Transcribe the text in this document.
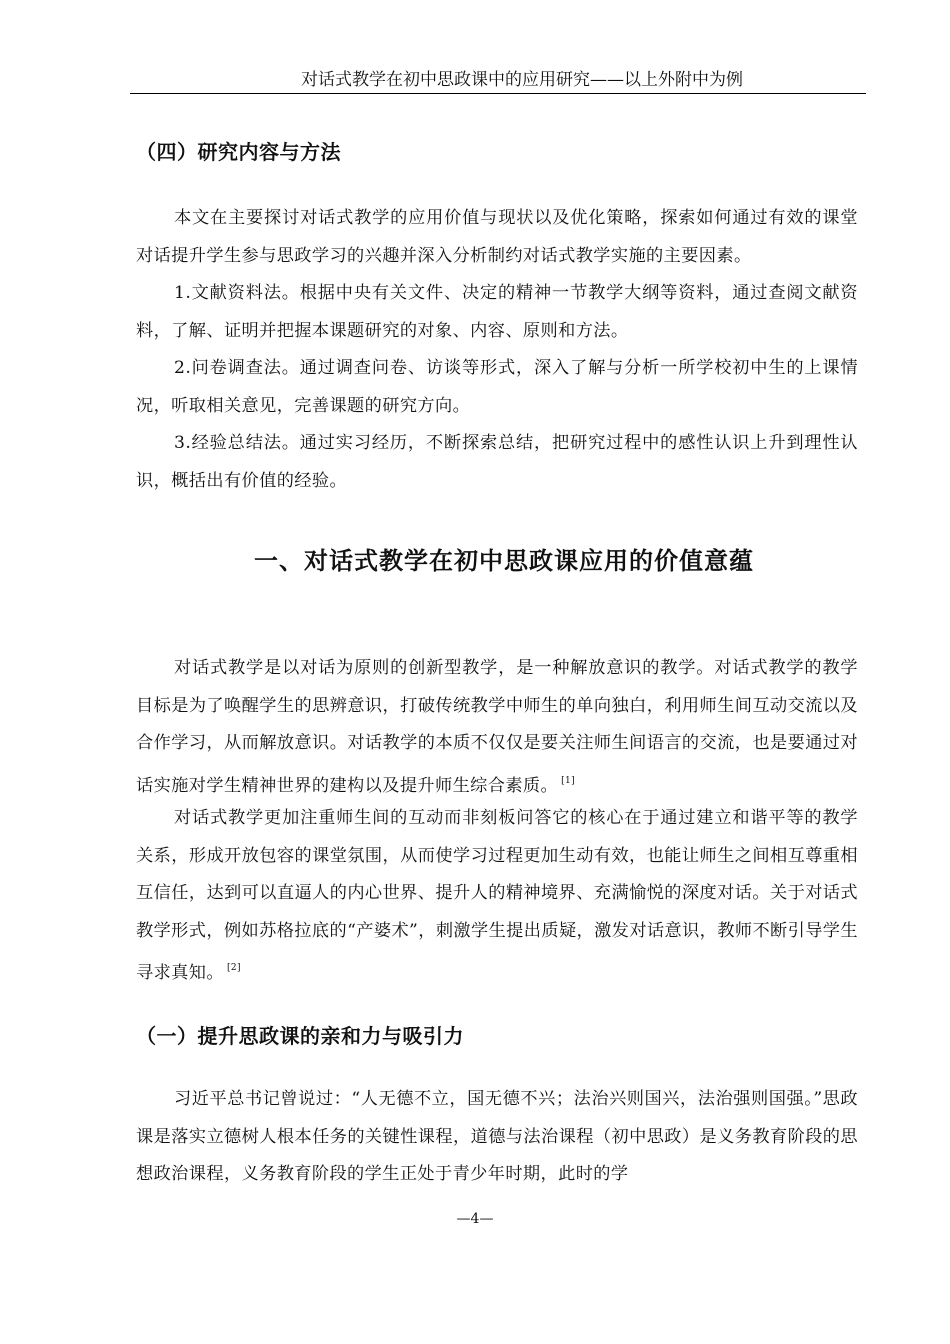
对话式教学在初中思政课中的应用研究——以上外附中为例
（四）研究内容与方法

本文在主要探讨对话式教学的应用价值与现状以及优化策略，探索如何通过有效的课堂对话提升学生参与思政学习的兴趣并深入分析制约对话式教学实施的主要因素。

1.文献资料法。根据中央有关文件、决定的精神一节教学大纲等资料，通过查阅文献资料，了解、证明并把握本课题研究的对象、内容、原则和方法。

2.问卷调查法。通过调查问卷、访谈等形式，深入了解与分析一所学校初中生的上课情况，听取相关意见，完善课题的研究方向。

3.经验总结法。通过实习经历，不断探索总结，把研究过程中的感性认识上升到理性认识，概括出有价值的经验。

一、对话式教学在初中思政课应用的价值意蕴

对话式教学是以对话为原则的创新型教学，是一种解放意识的教学。对话式教学的教学目标是为了唤醒学生的思辨意识，打破传统教学中师生的单向独白，利用师生间互动交流以及合作学习，从而解放意识。对话教学的本质不仅仅是要关注师生间语言的交流，也是要通过对话实施对学生精神世界的建构以及提升师生综合素质。 [1]

对话式教学更加注重师生间的互动而非刻板问答它的核心在于通过建立和谐平等的教学关系，形成开放包容的课堂氛围，从而使学习过程更加生动有效，也能让师生之间相互尊重相互信任，达到可以直逼人的内心世界、提升人的精神境界、充满愉悦的深度对话。关于对话式教学形式，例如苏格拉底的“产婆术”，刺激学生提出质疑，激发对话意识，教师不断引导学生寻求真知。 [2]

（一）提升思政课的亲和力与吸引力

习近平总书记曾说过：“人无德不立，国无德不兴；法治兴则国兴，法治强则国强。”思政课是落实立德树人根本任务的关键性课程，道德与法治课程（初中思政）是义务教育阶段的思想政治课程，义务教育阶段的学生正处于青少年时期，此时的学

—4—
